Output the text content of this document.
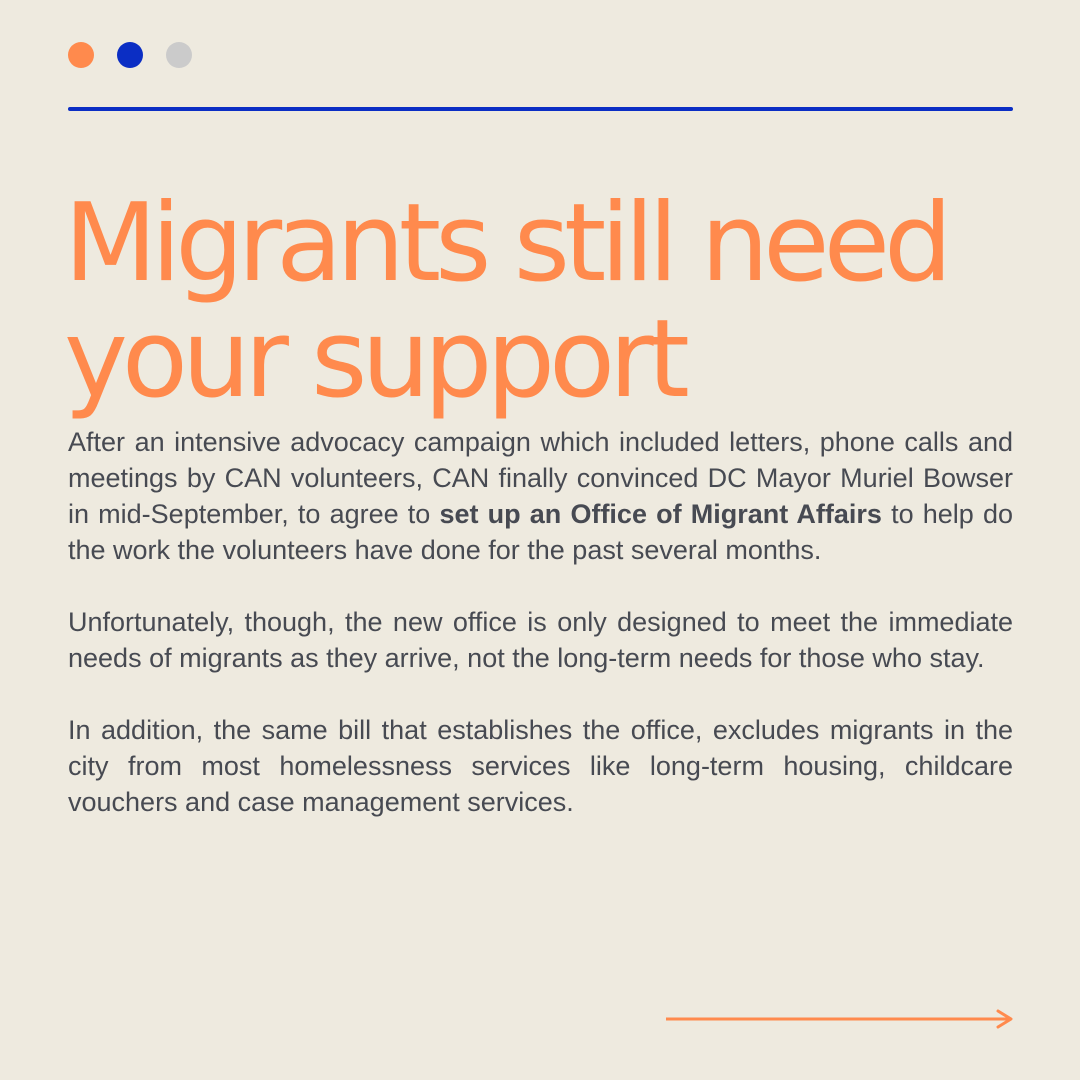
Migrants still need
your support

After an intensive advocacy campaign which included letters, phone calls and meetings by CAN volunteers, CAN finally convinced DC Mayor Muriel Bowser in mid-September, to agree to set up an Office of Migrant Affairs to help do the work the volunteers have done for the past several months.

Unfortunately, though, the new office is only designed to meet the immediate needs of migrants as they arrive, not the long-term needs for those who stay.

In addition, the same bill that establishes the office, excludes migrants in the city from most homelessness services like long-term housing, childcare vouchers and case management services.
